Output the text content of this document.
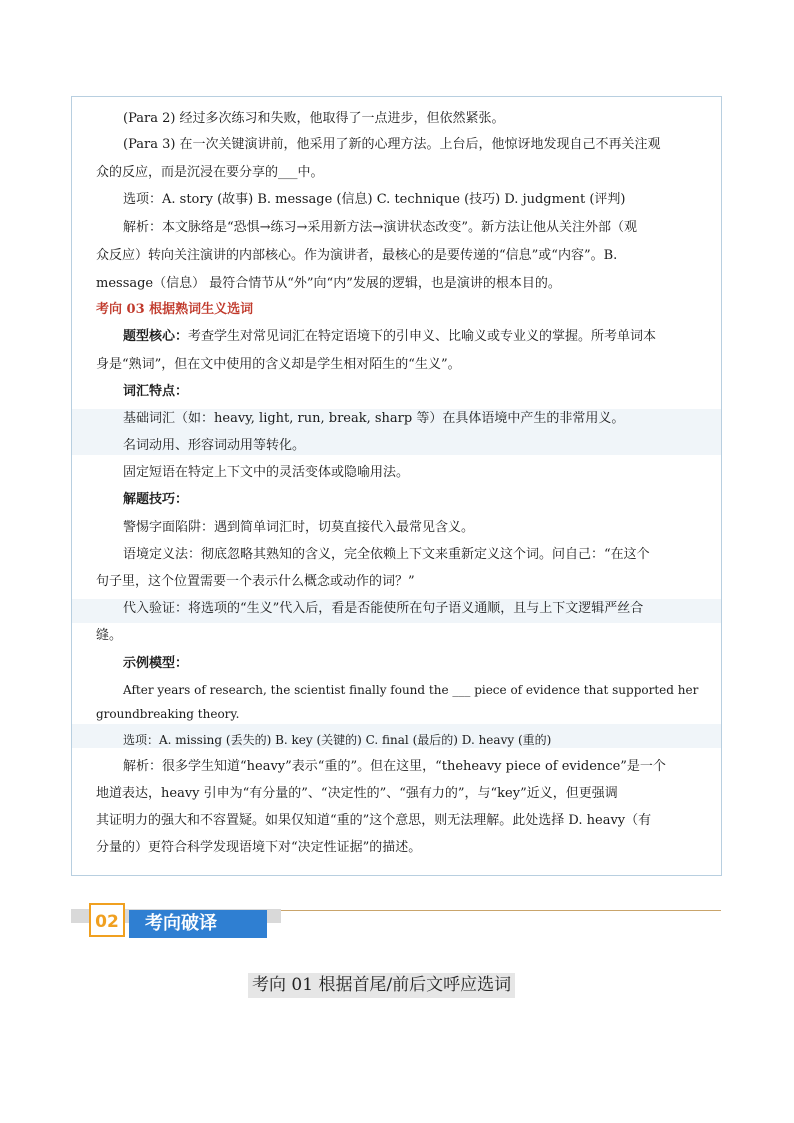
(Para 2) 经过多次练习和失败，他取得了一点进步，但依然紧张。
(Para 3) 在一次关键演讲前，他采用了新的心理方法。上台后，他惊讶地发现自己不再关注观
众的反应，而是沉浸在要分享的___中。
选项：A. story (故事) B. message (信息) C. technique (技巧) D. judgment (评判)
解析：本文脉络是“恐惧→练习→采用新方法→演讲状态改变”。新方法让他从关注外部（观
众反应）转向关注演讲的内部核心。作为演讲者，最核心的是要传递的“信息”或“内容”。B.
message（信息） 最符合情节从“外”向“内”发展的逻辑，也是演讲的根本目的。
考向 03 根据熟词生义选词
题型核心：考查学生对常见词汇在特定语境下的引申义、比喻义或专业义的掌握。所考单词本
身是“熟词”，但在文中使用的含义却是学生相对陌生的“生义”。
词汇特点：
基础词汇（如：heavy, light, run, break, sharp 等）在具体语境中产生的非常用义。
名词动用、形容词动用等转化。
固定短语在特定上下文中的灵活变体或隐喻用法。
解题技巧：
警惕字面陷阱：遇到简单词汇时，切莫直接代入最常见含义。
语境定义法：彻底忽略其熟知的含义，完全依赖上下文来重新定义这个词。问自己：“在这个
句子里，这个位置需要一个表示什么概念或动作的词？”
代入验证：将选项的“生义”代入后，看是否能使所在句子语义通顺，且与上下文逻辑严丝合
缝。
示例模型：
After years of research, the scientist finally found the ___ piece of evidence that supported her
groundbreaking theory.
选项：A. missing (丢失的) B. key (关键的) C. final (最后的) D. heavy (重的)
解析：很多学生知道“heavy”表示“重的”。但在这里，“theheavy piece of evidence”是一个
地道表达，heavy 引申为“有分量的”、“决定性的”、“强有力的”，与“key”近义，但更强调
其证明力的强大和不容置疑。如果仅知道“重的”这个意思，则无法理解。此处选择 D. heavy（有
分量的）更符合科学发现语境下对“决定性证据”的描述。
02	考向破译
考向 01 根据首尾/前后文呼应选词
